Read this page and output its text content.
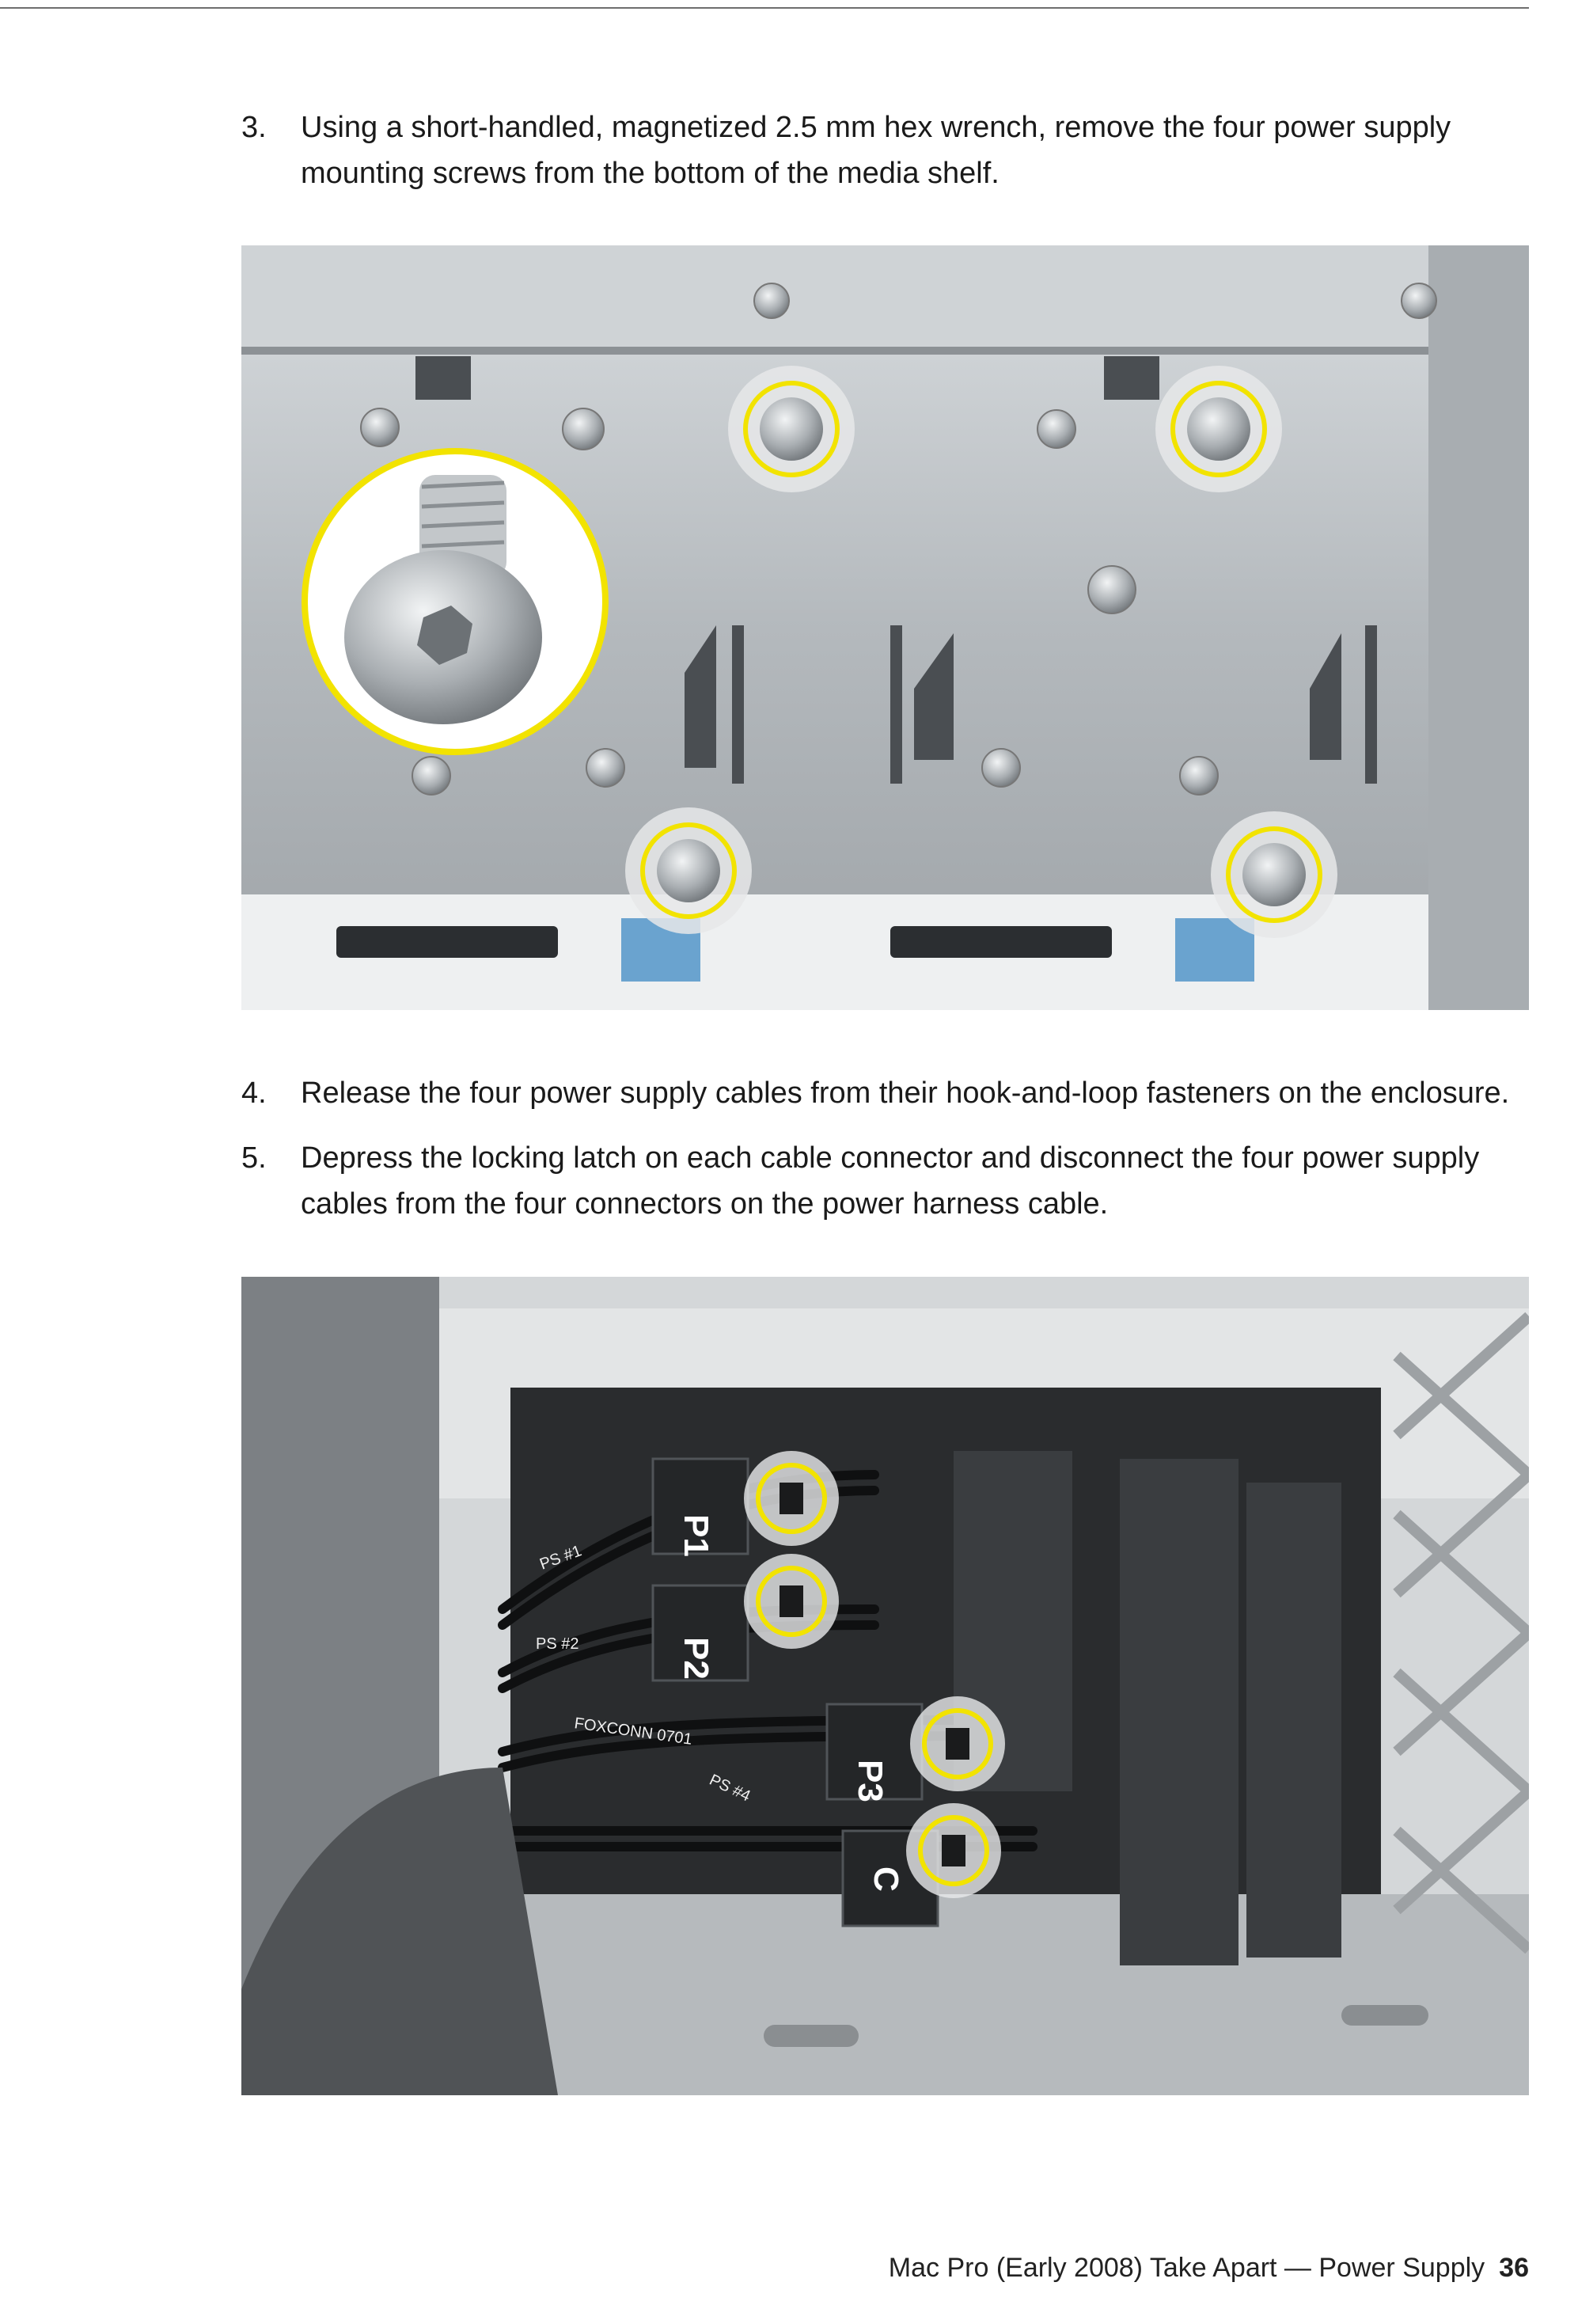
3.	Using a short-handled, magnetized 2.5 mm hex wrench, remove the four power supply mounting screws from the bottom of the media shelf.
4.	Release the four power supply cables from their hook-and-loop fasteners on the enclosure.
5.	Depress the locking latch on each cable connector and disconnect the four power supply cables from the four connectors on the power harness cable.
P1
P2
P3
C
PS #1
PS #2
FOXCONN 0701
PS #4
Mac Pro (Early 2008) Take Apart — Power Supply 36
